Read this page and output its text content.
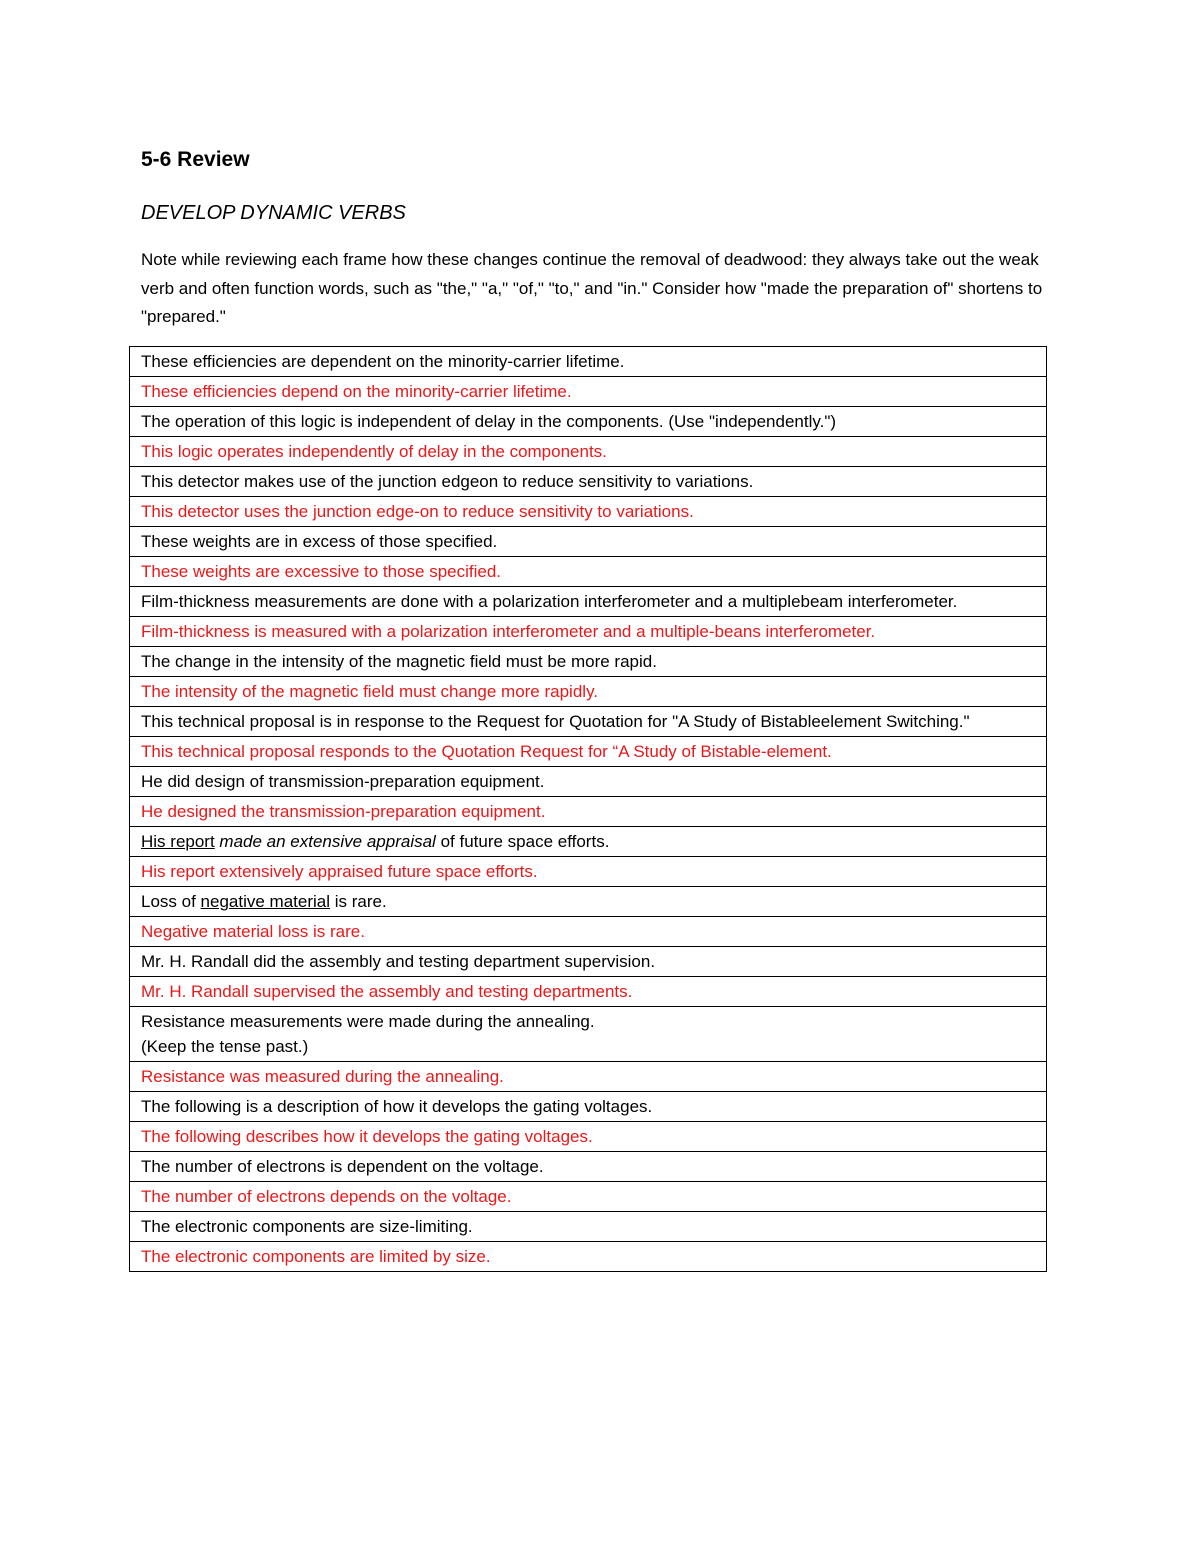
5-6 Review
DEVELOP DYNAMIC VERBS
Note while reviewing each frame how these changes continue the removal of deadwood: they always take out the weak verb and often function words, such as "the," "a," "of," "to," and "in." Consider how "made the preparation of" shortens to "prepared."
These efficiencies are dependent on the minority-carrier lifetime.
These efficiencies depend on the minority-carrier lifetime.
The operation of this logic is independent of delay in the components. (Use "independently.")
This logic operates independently of delay in the components.
This detector makes use of the junction edgeon to reduce sensitivity to variations.
This detector uses the junction edge-on to reduce sensitivity to variations.
These weights are in excess of those specified.
These weights are excessive to those specified.
Film-thickness measurements are done with a polarization interferometer and a multiplebeam interferometer.
Film-thickness is measured with a polarization interferometer and a multiple-beans interferometer.
The change in the intensity of the magnetic field must be more rapid.
The intensity of the magnetic field must change more rapidly.
This technical proposal is in response to the Request for Quotation for "A Study of Bistableelement Switching."
This technical proposal responds to the Quotation Request for “A Study of Bistable-element.
He did design of transmission-preparation equipment.
He designed the transmission-preparation equipment.
His report made an extensive appraisal of future space efforts.
His report extensively appraised future space efforts.
Loss of negative material is rare.
Negative material loss is rare.
Mr. H. Randall did the assembly and testing department supervision.
Mr. H. Randall supervised the assembly and testing departments.

Resistance measurements were made during the annealing.
(Keep the tense past.)

Resistance was measured during the annealing.
The following is a description of how it develops the gating voltages.
The following describes how it develops the gating voltages.
The number of electrons is dependent on the voltage.
The number of electrons depends on the voltage.
The electronic components are size-limiting.
The electronic components are limited by size.
